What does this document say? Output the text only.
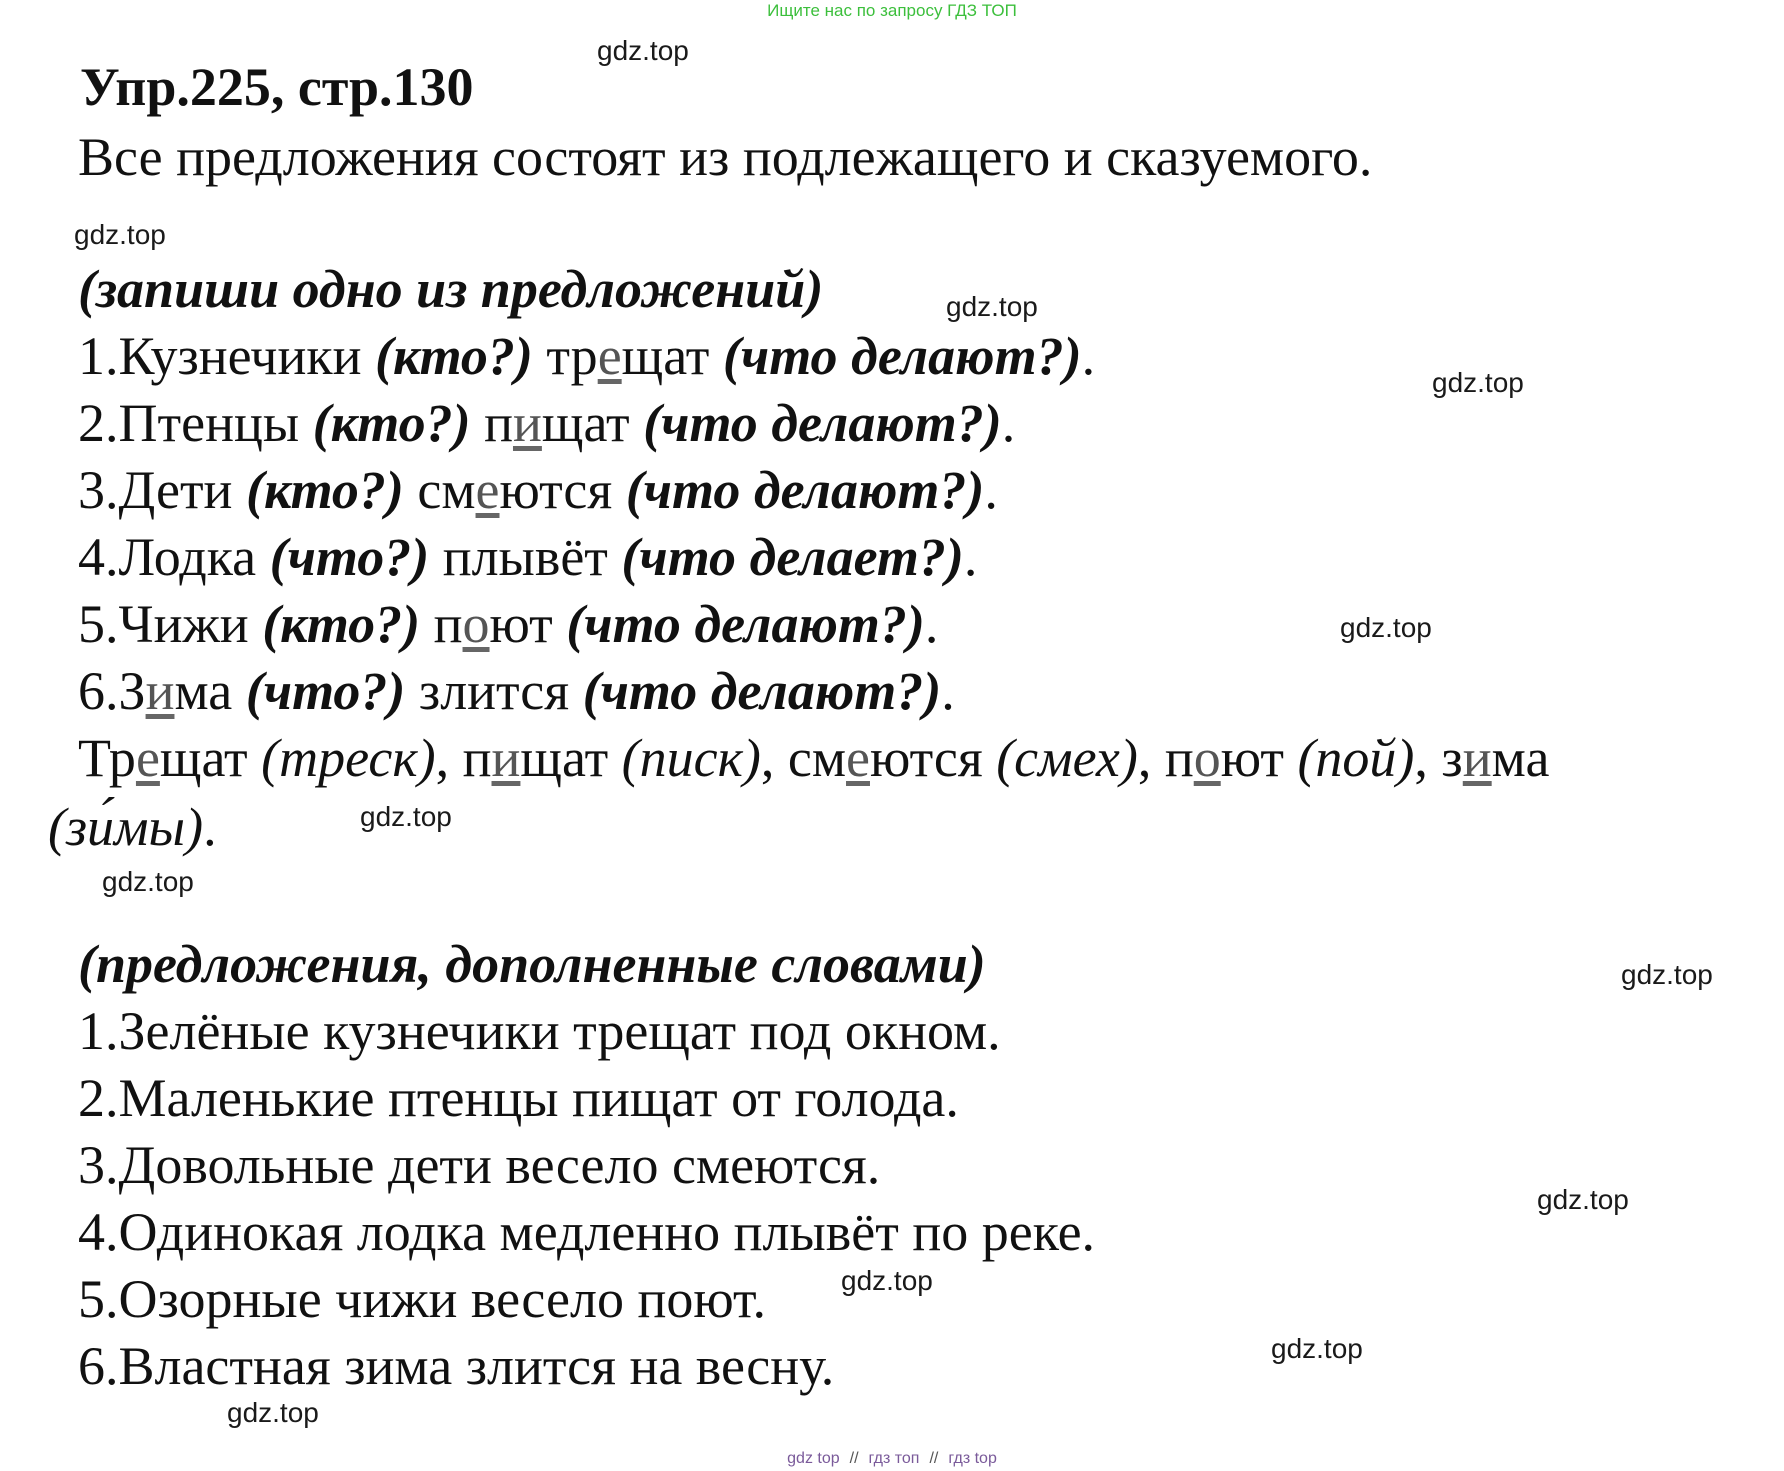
Ищите нас по запросу ГДЗ ТОП
Упр.225, стр.130
Все предложения состоят из подлежащего и сказуемого.
(запиши одно из предложений)
1.Кузнечики (кто?) трещат (что делают?).
2.Птенцы (кто?) пищат (что делают?).
3.Дети (кто?) смеются (что делают?).
4.Лодка (что?) плывёт (что делает?).
5.Чижи (кто?) поют (что делают?).
6.Зима (что?) злится (что делают?).
Трещат (треск), пищат (писк), смеются (смех), поют (пой), зима
(зи́мы).
(предложения, дополненные словами)
1.Зелёные кузнечики трещат под окном.
2.Маленькие птенцы пищат от голода.
3.Довольные дети весело смеются.
4.Одинокая лодка медленно плывёт по реке.
5.Озорные чижи весело поют.
6.Властная зима злится на весну.
gdz.top
gdz.top
gdz.top
gdz.top
gdz.top
gdz.top
gdz.top
gdz.top
gdz.top
gdz.top
gdz.top
gdz.top
gdz top // гдз топ // гдз top
